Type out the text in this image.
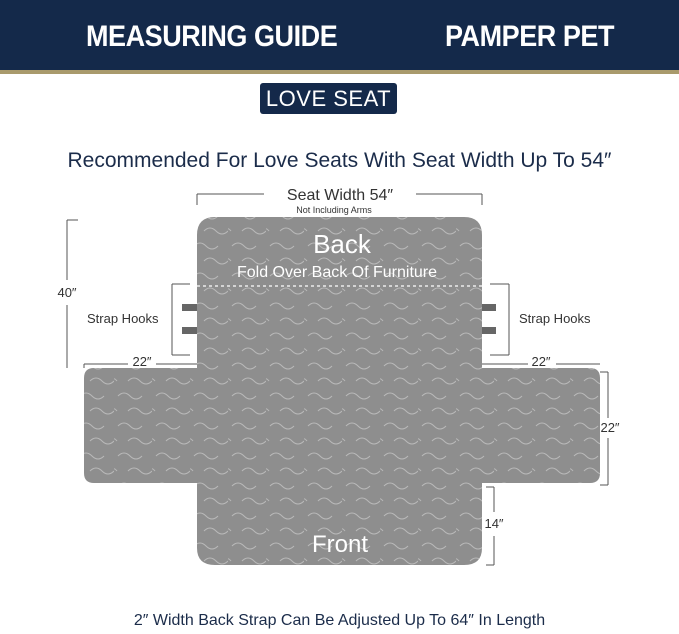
MEASURING GUIDE	PAMPER PET
LOVE SEAT
Recommended For Love Seats With Seat Width Up To 54″
Back
Fold Over Back Of Furniture
Front
Seat Width 54″
Not Including Arms
40″
22″	22″
22″
14″
Strap Hooks	Strap Hooks
2″ Width Back Strap Can Be Adjusted Up To 64″ In Length
